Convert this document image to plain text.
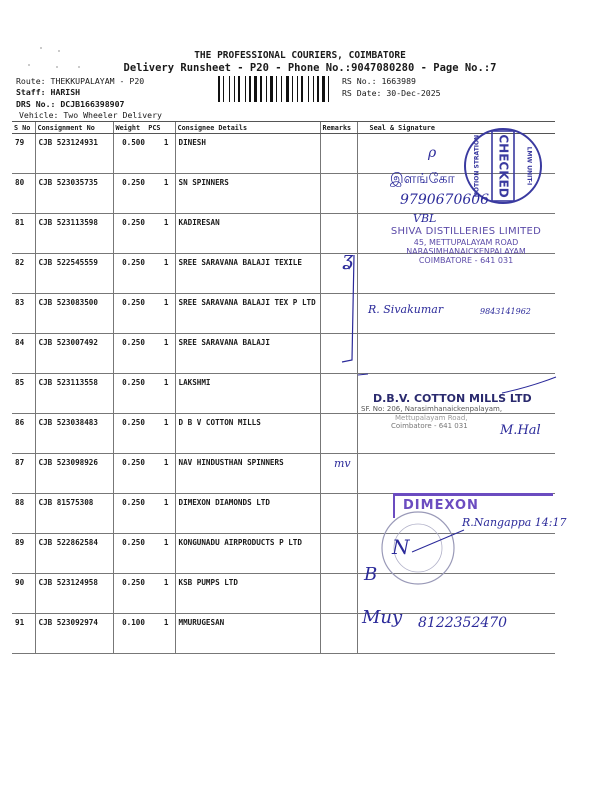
THE PROFESSIONAL COURIERS, COIMBATORE
Delivery Runsheet - P20 - Phone No.:9047080280 - Page No.:7
Route: THEKKUPALAYAM - P20
Staff: HARISH
DRS No.: DCJB166398907
Vehicle: Two Wheeler Delivery
RS No.: 1663989
RS Date: 30-Dec-2025
S No	Consignment No	Weight PCS	Consignee Details	Remarks	Seal & Signature
79	CJB 523124931	0.500 1	DINESH		
80	CJB 523035735	0.250 1	SN SPINNERS		
81	CJB 523113598	0.250 1	KADIRESAN		
82	CJB 522545559	0.250 1	SREE SARAVANA BALAJI TEXILE		
83	CJB 523083500	0.250 1	SREE SARAVANA BALAJI TEX P LTD		
84	CJB 523007492	0.250 1	SREE SARAVANA BALAJI		
85	CJB 523113558	0.250 1	LAKSHMI		
86	CJB 523038483	0.250 1	D B V COTTON MILLS		
87	CJB 523098926	0.250 1	NAV HINDUSTHAN SPINNERS		
88	CJB 81575308	0.250 1	DIMEXON DIAMONDS LTD		
89	CJB 522862584	0.250 1	KONGUNADU AIRPRODUCTS P LTD		
90	CJB 523124958	0.250 1	KSB PUMPS LTD		
91	CJB 523092974	0.100 1	MMURUGESAN		
CHECKED
NOTION STRATION	LMW UNIT-I
ρ
இளங்கோ
9790670606
VBL
SHIVA DISTILLERIES LIMITED
45, METTUPALAYAM ROAD
NARASIMHANAICKENPALAYAM
COIMBATORE - 641 031
ʓ
R. Sivakumar	9843141962
D.B.V. COTTON MILLS LTD
SF. No: 206, Narasimhanaickenpalayam,
Mettupalayam Road,
Coimbatore - 641 031	M.Hal
mv
DIMEXON
R.Nangappa 14:17
N
B
Muy 8122352470
